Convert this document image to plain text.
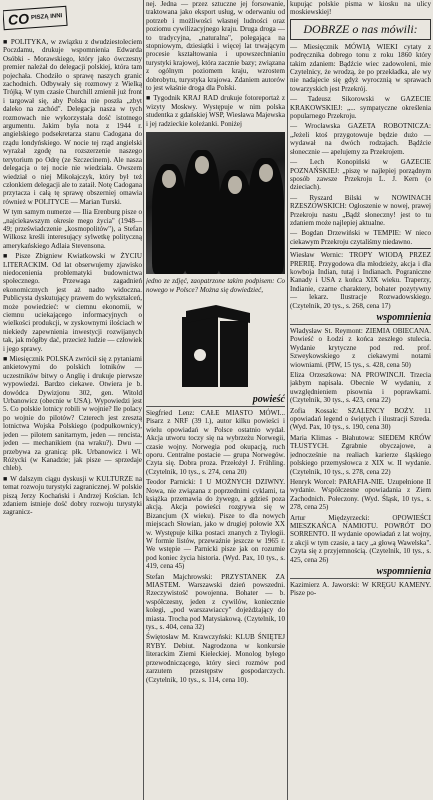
CO PISZĄ INNI

■ POLITYKA, w związku z dwudziestoleciem Poczdamu, drukuje wspomnienia Edwarda Osóbki - Morawskiego, który jako ówczesny premier należał do delegacji polskiej, która tam pojechała. Chodziło o sprawę naszych granic zachodnich. Odbywały się rozmowy z Wielką Trójką. W tym czasie Churchill zmienił już front i targował się, aby Polska nie poszła „zbyt daleko na zachód". Delegacja nasza w tych rozmowach nie wykorzystała dość istotnego argumentu. Jakim była nota z 1944 r. angielskiego podsekretarza stanu Cadogana do rządu londyńskiego. W nocie tej rząd angielski wyrażał zgodę na rozszerzenie naszego terytorium po Odrę (ze Szczecinem). Ale nasza delegacja o tej nocie nie wiedziała. Owszem wiedział o niej Mikołajczyk, który był też członkiem delegacji ale to zataił. Notę Cadogana przytacza i całą tę sprawę obszerniej omawia również w POLITYCE — Marian Turski.

W tym samym numerze — Ilia Erenburg pisze o „najciekawszym okresie mego życia" (1948—49; przeświadczenie „kosmopolitów"), a Stefan Wilkosz kreśli interesujący sylwetkę polityczną amerykańskiego Adlaia Stevensona.

■ Pisze Zbigniew Kwiatkowski w ŻYCIU LITERACKIM. Od lat obserwujemy zjawisko niedocenienia problematyki budownictwa społecznego. Przewaga zagadnień ekonomicznych jest aż nadto widoczna. Publicysta dyskutujący prawem do wykształceń, może powiedzieć: w ciemnu ekonomii, w ciemnu uciekającego informacyjnych o wielkości produkcji, w zyskownymi ilościach w niekiedy zapewnienia inwestycji rozwijanych tak, jak mógłby dać, przecież ludzie — człowiek i jego sprawy.

■ Miesięcznik POLSKA zwrócił się z pytaniami ankietowymi do polskich lotników — uczestników bitwy o Anglię i drukuje pierwsze wypowiedzi. Bardzo ciekawe. Otwiera je b. dowódca Dywizjonu 302, gen. Witold Urbanowicz (obecnie w USA). Wypowiedzi jest 5. Co polskie lotnicy robili w wojnie? Ile polacy po wojnie do pilotów? Czterech jest zresztą lotnictwa Wojska Polskiego (podpułkownicy), jeden — pilotem sanitarnym, jeden — rencista, jeden — mechanikiem (na wraku?). Dwu — przebywa za granicą: płk. Urbanowicz i Wł. Różycki (w Kanadzie; jak pisze — sprzedaje chleb).

■ W dalszym ciągu dyskusji w KULTURZE na temat rozwoju turystyki zagranicznej. W polskie piszą Jerzy Kochański i Andrzej Kościan. Ich zdaniem istnieje dość dobry rozwoju turystyki zagranicz-

nej. Jedna — przez sztuczne jej forsowanie, traktowana jako eksport usług, w oderwaniu od potrzeb i możliwości własnej ludności oraz poziomu cywilizacyjnego kraju. Druga droga — to tradycyjna, „naturalna", polegająca na stopniowym, dziesiątki i więcej lat trwającym procesie kształtowania i upowszechnianiu turystyki krajowej, która zacznie bazy; związana z ogólnym poziomem kraju, wzrostem dobrobytu, turystyka krajowa. Zdaniem autorów to jest właśnie droga dla Polski.

■ Tygodnik KRAJ RAD drukuje fotoreportaż z wizyty Moskwy. Występuje w nim polska studentka z gdańskiej WSP, Wiesława Majewska i jej radzieckie koleżanki. Poniżej

jedno ze zdjęć, zaopatrzone takim podpisem: Co nowego w Polsce? Można się dowiedzieć,

powieść

Siegfried Lenz: CAŁE MIASTO MÓWI... Pisarz z NRF (39 l.), autor kilku powieści i wielu opowiadań w Polsce ostatnio wydał. Akcja utworu toczy się na wybrzeżu Norwegii, czasie wojny. Norwegia pod okupacją, ruch oporu. Centralne postacie — grupa Norwegów. Czyta się. Dobra proza. Przełożył J. Frühling. (Czytelnik, 10 tys., s. 274, cena 20)

Teodor Parnicki: I U MOŻNYCH DZIWNY. Nowa, nie związana z poprzednimi cyklami, ta książka przemawia do żywego, a gdzieś poza akcją. Akcja powieści rozgrywa się w Bizancjum (X wieku). Pisze to dla nowych miejscach Słowian, jako w drugiej połowie XX w. Występuje kilka postaci znanych z Trylogii. W formie listów, przeważnie jeszcze w 1965 r. We wstępie — Parnicki pisze jak on rozumie pod koniec życia historia. (Wyd. Pax, 10 tys., s. 419, cena 45)

Stefan Majchrowski: PRZYSTANEK ZA MIASTEM. Warszawski dzień powszedni. Rzeczywistość powojenna. Bohater — b. współczesny, jeden z cywilów, koniecznie kolegi, „pod warszawiaccy" dojeżdżający do miasta. Trocha pod Matysiakową. (Czytelnik, 10 tys., s. 404, cena 32)

Świętosław M. Krawczyński: KLUB ŚNIĘTEJ RYBY. Debiut. Nagrodzona w konkursie literackim Ziemi Kieleckiej. Monolog byłego przewodniczącego, który sieci rozmów pod zarzutem przestępstw gospodarczych. (Czytelnik, 10 tys., s. 114, cena 10).

kupując polskie pisma w kiosku na ulicy moskiewskiej!

DOBRZE o nas mówili:

— Miesięcznik MÓWIĄ WIEKI cytaty z podręcznika dobrego tonu z roku 1860 który takim zdaniem: Bądźcie wiec zadowoleni, mie Czytelnicy, że wrodzą, że po przekładka, ale wy nie nadajecie się gdyż wyrocznią w sprawach towarzyskich jest Przekrój.

— Tadeusz Sikorowski w GAZECIE KRAKOWSKIEJ: „... sympatyczne określenia popularnego Przekroju.

— Wrocławska GAZETA ROBOTNICZA: „Jeżeli ktoś przygotowuje będzie dużo — wydawał na dwóch rodzajach. Bądźcie słonecznie — apelujemy za Przekrojem.

— Lech Konopiński w GAZECIE POZNAŃSKIEJ: „piszę w najlepiej porządnym sposób zawsze Przekroju L. J. Kern (o dzieciach).

— Ryszard Bilski w NOWINACH RZESZOWSKICH: Ogłoszenie w nowej, prawej Przekroju nastu „Bądź słoneczny! jest to tu zdaniem może najlepiej aktualne.

— Bogdan Drzewiński w TEMPIE: W nieco ciekawym Przekroju czytaliśmy niedawno.

Wiesław Wernic: TROPY WIODĄ PRZEZ PRERIĘ. Przygodowa dla młodzieży, akcja i dla kowboja Indian, tutaj i Indianach. Pograniczne Kanady i USA z końca XIX wieku. Traperzy, Indianie, czarne charaktery, bohater pozytywny — lekarz. Ilustracje Rozwadowskiego. (Czytelnik, 20 tys., s. 268, cena 17)

wspomnienia

Władysław St. Reymont: ZIEMIA OBIECANA. Powieść o Łodzi z końca zeszłego stulecia. Wydanie krytyczne pod red. prof. Szweykowskiego z ciekawymi notami wiowniami. (PIW, 15 tys., s. 428, cena 50)

Eliza Orzeszkowa: NA PROWINCJI. Trzecia jakbym napisała. Obecnie W wydaniu, z uwzględnieniem pisownia i poprawkami. (Czytelnik, 30 tys., s. 423, cena 22)

Zofia Kossak: SZALENCY BOŻY. 11 opowiadań legend o świętych i ilustracji Szreda. (Wyd. Pax, 10 tys., s. 190, cena 30)

Maria Klimas - Błahutowa: SIEDEM KRÓW TŁUSTYCH. Zgrabnie obyczajowe, a jednocześnie na realiach karierze śląskiego polskiego przemysłowca z XIX w. II wydanie. (Czytelnik, 10 tys., s. 278, cena 22)

Henryk Worcel: PARAFIA-NIE. Uzupełnione II wydanie. Współczesne opowiadania z Ziem Zachodnich. Połeczony. (Wyd. Śląsk, 10 tys., s. 278, cena 25)

Artur Międzyrzecki: OPOWIEŚCI MIESZKAŃCA NAMIOTU. POWRÓT DO SORRENTO. II wydanie opowiadań z lat wojny, z akcji w tym czasie, a tacy „a głową Wawelska". Czyta się z przyjemnością. (Czytelnik, 10 tys., s. 425, cena 26)

wspomnienia

Kazimierz A. Jaworski: W KRĘGU KAMENY. Pisze po-
